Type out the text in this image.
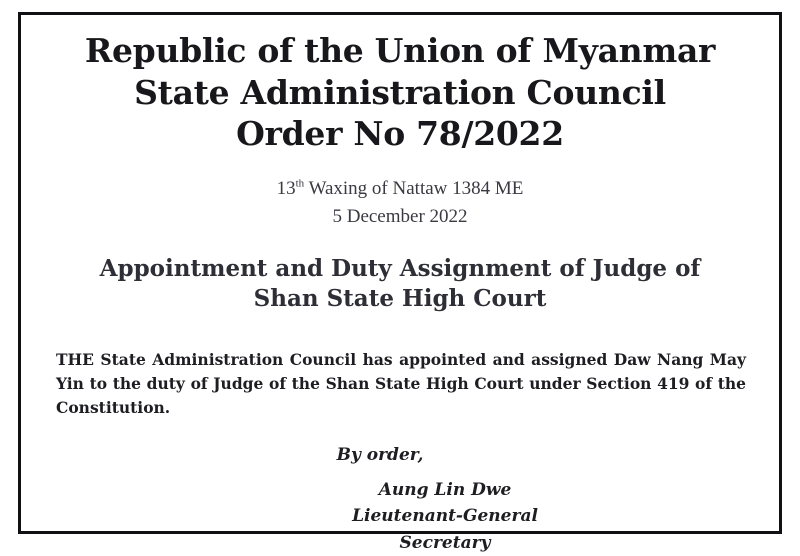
Republic of the Union of Myanmar
State Administration Council
Order No 78/2022
13th Waxing of Nattaw 1384 ME
5 December 2022
Appointment and Duty Assignment of Judge of
Shan State High Court
THE State Administration Council has appointed and assigned Daw Nang May Yin to the duty of Judge of the Shan State High Court under Section 419 of the Constitution.
By order,
Aung Lin Dwe
Lieutenant-General
Secretary
